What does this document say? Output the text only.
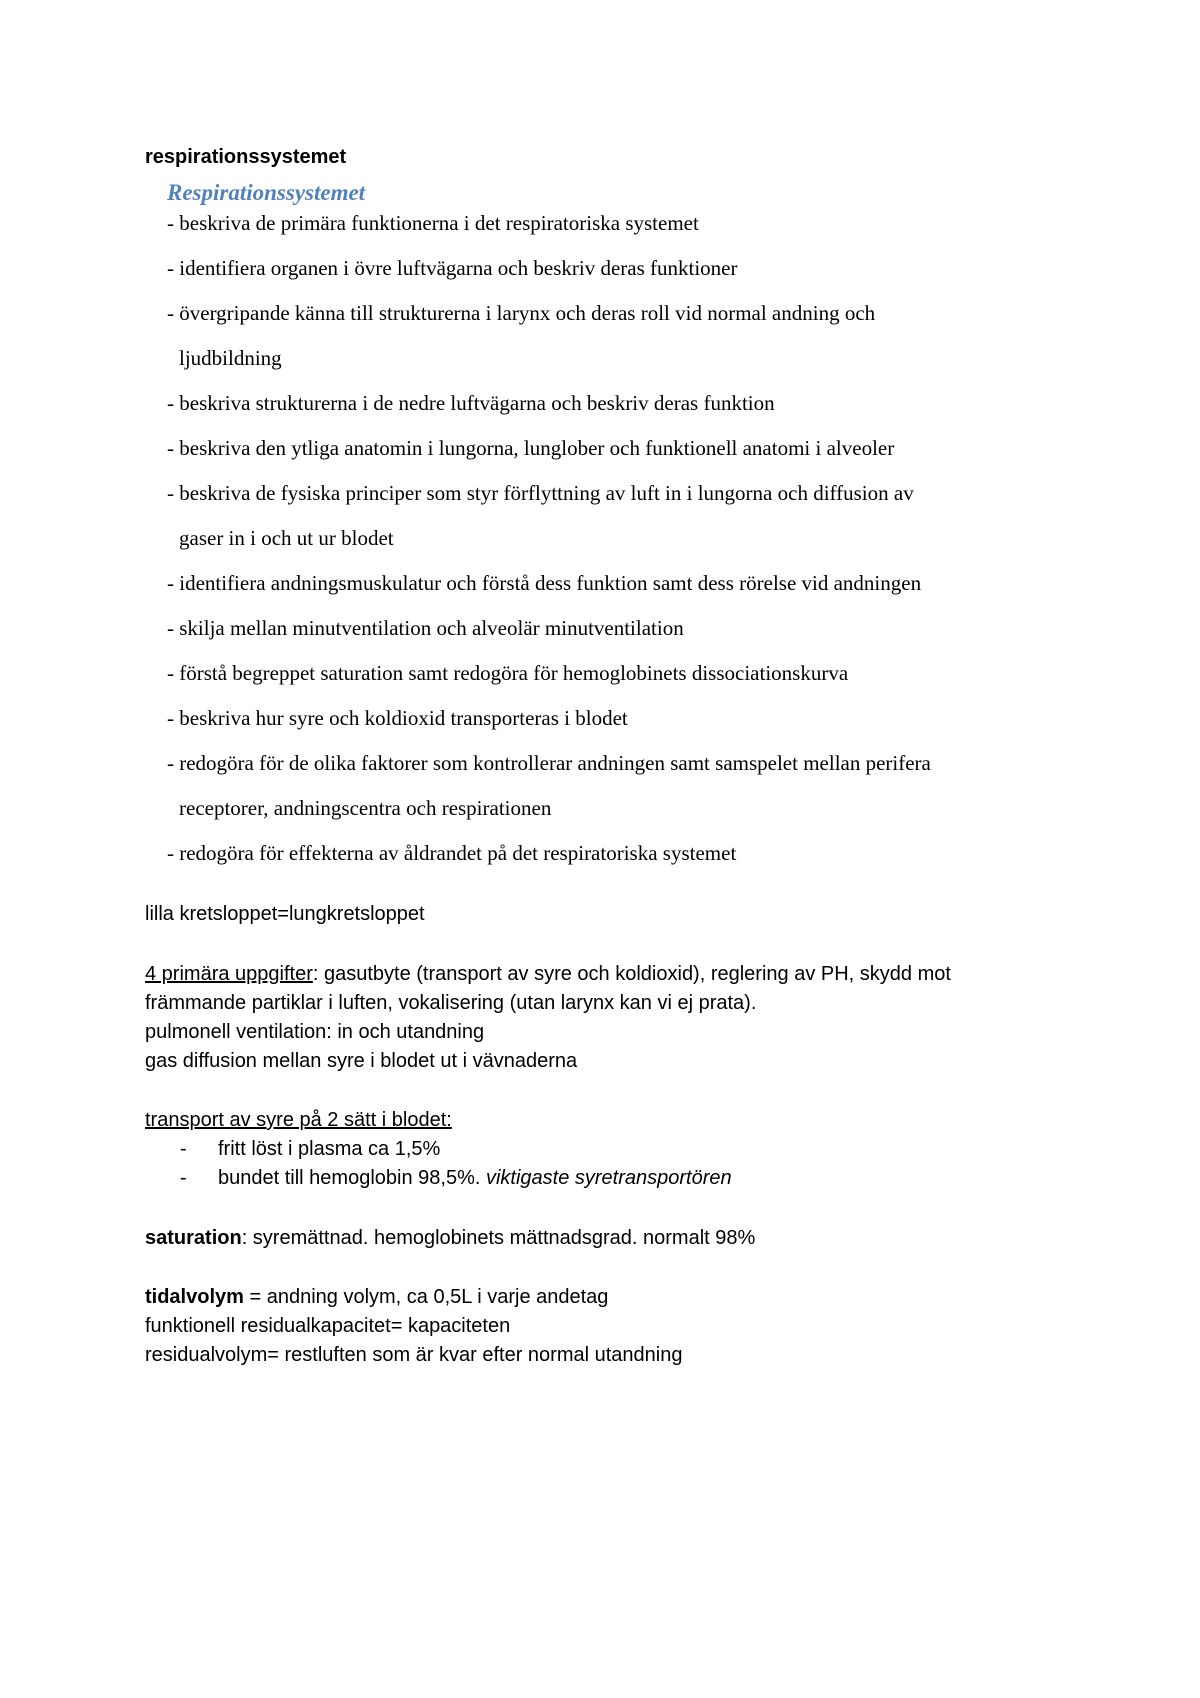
respirationssystemet
Respirationssystemet
- beskriva de primära funktionerna i det respiratoriska systemet
- identifiera organen i övre luftvägarna och beskriv deras funktioner
- övergripande känna till strukturerna i larynx och deras roll vid normal andning och
ljudbildning
- beskriva strukturerna i de nedre luftvägarna och beskriv deras funktion
- beskriva den ytliga anatomin i lungorna, lunglober och funktionell anatomi i alveoler
- beskriva de fysiska principer som styr förflyttning av luft in i lungorna och diffusion av
gaser in i och ut ur blodet
- identifiera andningsmuskulatur och förstå dess funktion samt dess rörelse vid andningen
- skilja mellan minutventilation och alveolär minutventilation
- förstå begreppet saturation samt redogöra för hemoglobinets dissociationskurva
- beskriva hur syre och koldioxid transporteras i blodet
- redogöra för de olika faktorer som kontrollerar andningen samt samspelet mellan perifera
receptorer, andningscentra och respirationen
- redogöra för effekterna av åldrandet på det respiratoriska systemet
lilla kretsloppet=lungkretsloppet
4 primära uppgifter: gasutbyte (transport av syre och koldioxid), reglering av PH, skydd mot
främmande partiklar i luften, vokalisering (utan larynx kan vi ej prata).
pulmonell ventilation: in och utandning
gas diffusion mellan syre i blodet ut i vävnaderna
transport av syre på 2 sätt i blodet:
- fritt löst i plasma ca 1,5%
- bundet till hemoglobin 98,5%. viktigaste syretransportören
saturation: syremättnad. hemoglobinets mättnadsgrad. normalt 98%
tidalvolym = andning volym, ca 0,5L i varje andetag
funktionell residualkapacitet= kapaciteten
residualvolym= restluften som är kvar efter normal utandning
